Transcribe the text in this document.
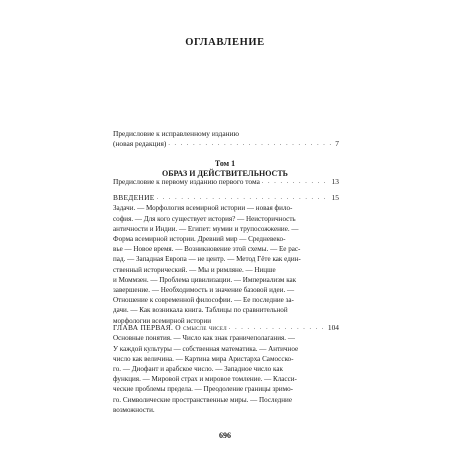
ОГЛАВЛЕНИЕ
Предисловие к исправленному изданию
(новая редакция) . . .	7
Том 1
ОБРАЗ И ДЕЙСТВИТЕЛЬНОСТЬ
Предисловие к первому изданию первого тома . . .	13
ВВЕДЕНИЕ . . .	15
Задачи. — Морфология всемирной истории — новая фило-
софия. — Для кого существует история? — Неисторичность
античности и Индии. — Египет: мумии и трупосожжение. —
Форма всемирной истории. Древний мир — Средневеко-
вье — Новое время. — Возникновение этой схемы. — Ее рас-
пад. — Западная Европа — не центр. — Метод Гёте как един-
ственный исторический. — Мы и римляне. — Ницше
и Моммзен. — Проблема цивилизации. — Империализм как
завершение. — Необходимость и значение базовой идеи. —
Отношение к современной философии. — Ее последние за-
дачи. — Как возникала книга. Таблицы по сравнительной
морфологии всемирной истории
ГЛАВА ПЕРВАЯ. О смысле чисел . . .	104
Основные понятия. — Число как знак граничеполагания. —
У каждой культуры — собственная математика. — Античное
число как величина. — Картина мира Аристарха Самосско-
го. — Диофант и арабское число. — Западное число как
функция. — Мировой страх и мировое томление. — Класси-
ческие проблемы предела. — Преодоление границы зримо-
го. Символические пространственные миры. — Последние
возможности.
696
